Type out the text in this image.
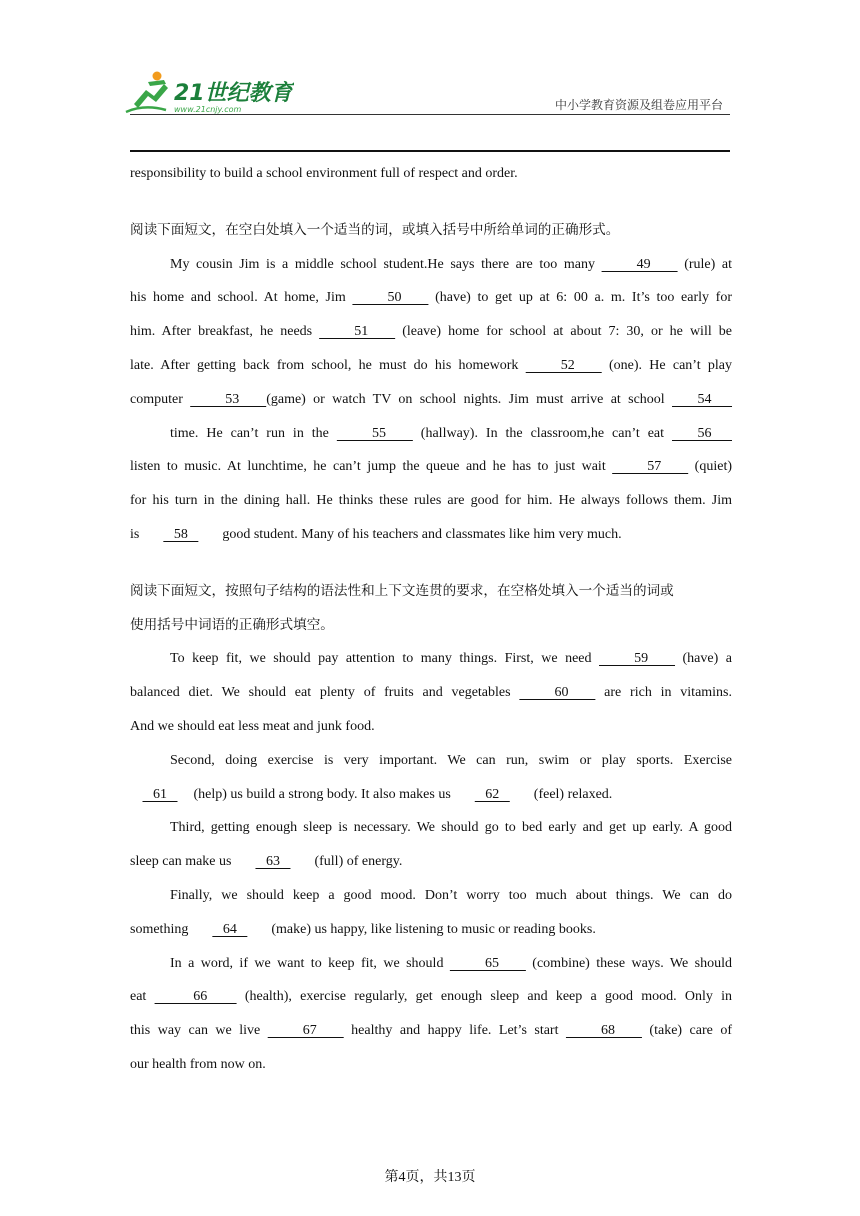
21世纪教育
www.21cnjy.com	中小学教育资源及组卷应用平台
responsibility to build a school environment full of respect and order.
阅读下面短文，在空白处填入一个适当的词，或填入括号中所给单词的正确形式。
My cousin Jim is a middle school student.He says there are too many    49    (rule) at
his home and school. At home, Jim    50    (have) to get up at 6: 00 a. m. It’s too early for
him. After breakfast, he needs    51    (leave) home for school at about 7: 30, or he will be
late. After getting back from school, he must do his homework    52    (one). He can’t play
computer    53   (game) or watch TV on school nights. Jim must arrive at school    54
time. He can’t run in the    55    (hallway). In the classroom,he can’t eat    56
listen to music. At lunchtime, he can’t jump the queue and he has to just wait    57    (quiet)
for his turn in the dining hall. He thinks these rules are good for him. He always follows them. Jim
is    58    good student. Many of his teachers and classmates like him very much.
阅读下面短文，按照句子结构的语法性和上下文连贯的要求，在空格处填入一个适当的词或
使用括号中词语的正确形式填空。
To keep fit, we should pay attention to many things. First, we need    59    (have) a
balanced diet. We should eat plenty of fruits and vegetables    60    are rich in vitamins.
And we should eat less meat and junk food.
Second, doing exercise is very important. We can run, swim or play sports. Exercise
61    (help) us build a strong body. It also makes us    62    (feel) relaxed.
Third, getting enough sleep is necessary. We should go to bed early and get up early. A good
sleep can make us    63    (full) of energy.
Finally, we should keep a good mood. Don’t worry too much about things. We can do
something    64    (make) us happy, like listening to music or reading books.
In a word, if we want to keep fit, we should    65    (combine) these ways. We should
eat    66    (health), exercise regularly, get enough sleep and keep a good mood. Only in
this way can we live    67    healthy and happy life. Let’s start    68    (take) care of
our health from now on.
第4页，共13页
